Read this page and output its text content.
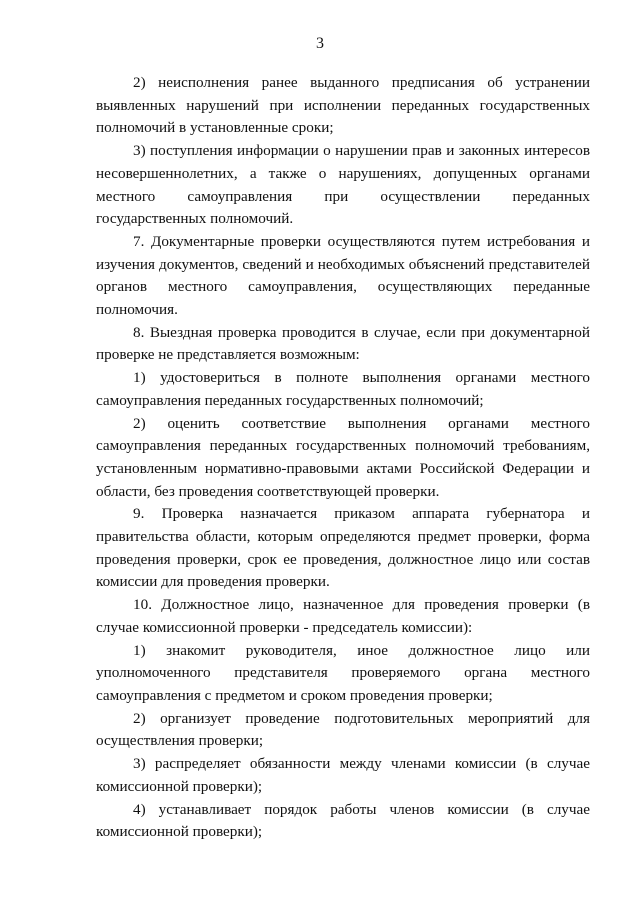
3

2) неисполнения ранее выданного предписания об устранении выявленных нарушений при исполнении переданных государственных полномочий в установленные сроки;

3) поступления информации о нарушении прав и законных интересов несовершеннолетних, а также о нарушениях, допущенных органами местного самоуправления при осуществлении переданных государственных полномочий.

7. Документарные проверки осуществляются путем истребования и изучения документов, сведений и необходимых объяснений представителей органов местного самоуправления, осуществляющих переданные полномочия.

8. Выездная проверка проводится в случае, если при документарной проверке не представляется возможным:

1) удостовериться в полноте выполнения органами местного самоуправления переданных государственных полномочий;

2) оценить соответствие выполнения органами местного самоуправления переданных государственных полномочий требованиям, установленным нормативно-правовыми актами Российской Федерации и области, без проведения соответствующей проверки.

9. Проверка назначается приказом аппарата губернатора и правительства области, которым определяются предмет проверки, форма проведения проверки, срок ее проведения, должностное лицо или состав комиссии для проведения проверки.

10. Должностное лицо, назначенное для проведения проверки (в случае комиссионной проверки - председатель комиссии):

1) знакомит руководителя, иное должностное лицо или уполномоченного представителя проверяемого органа местного самоуправления с предметом и сроком проведения проверки;

2) организует проведение подготовительных мероприятий для осуществления проверки;

3) распределяет обязанности между членами комиссии (в случае комиссионной проверки);

4) устанавливает порядок работы членов комиссии (в случае комиссионной проверки);
